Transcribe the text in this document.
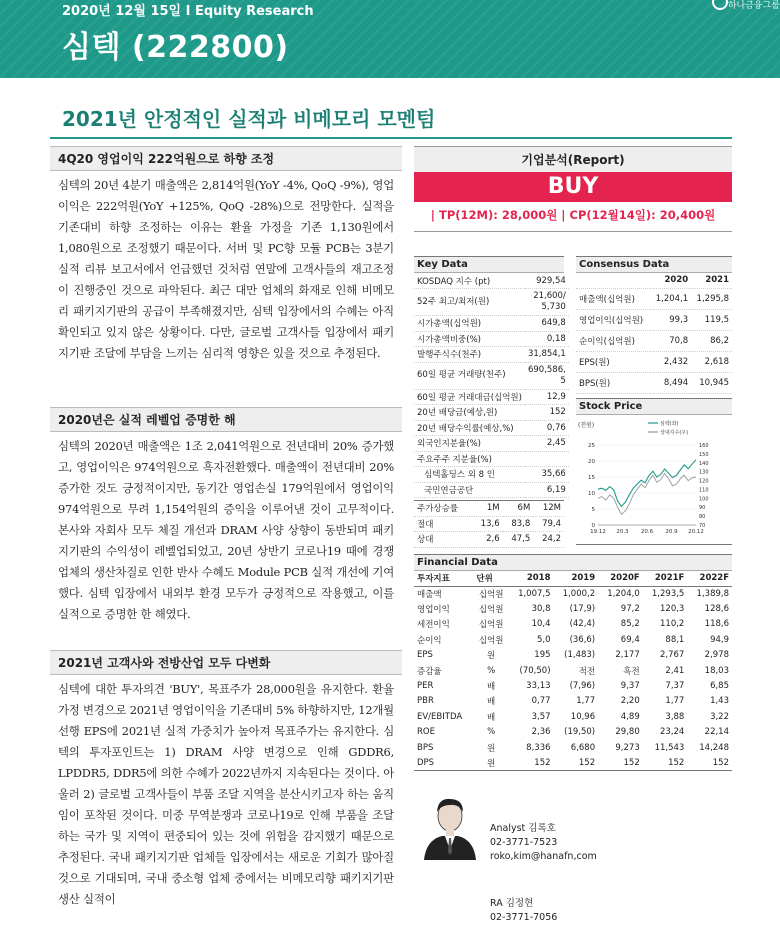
2020년 12월 15일 I Equity Research
심텍 (222800)
하나금융그룹
2021년 안정적인 실적과 비메모리 모멘텀
4Q20 영업이익 222억원으로 하향 조정
심텍의 20년 4분기 매출액은 2,814억원(YoY -4%, QoQ -9%), 영업이익은 222억원(YoY +125%, QoQ -28%)으로 전망한다. 실적을 기존대비 하향 조정하는 이유는 환율 가정을 기존 1,130원에서 1,080원으로 조정했기 때문이다. 서버 및 PC향 모듈 PCB는 3분기 실적 리뷰 보고서에서 언급했던 것처럼 연말에 고객사들의 재고조정이 진행중인 것으로 파악된다. 최근 대만 업체의 화재로 인해 비메모리 패키지기판의 공급이 부족해졌지만, 심텍 입장에서의 수혜는 아직 확인되고 있지 않은 상황이다. 다만, 글로벌 고객사들 입장에서 패키지기판 조달에 부담을 느끼는 심리적 영향은 있을 것으로 추정된다.
2020년은 실적 레벨업 증명한 해
심텍의 2020년 매출액은 1조 2,041억원으로 전년대비 20% 증가했고, 영업이익은 974억원으로 흑자전환했다. 매출액이 전년대비 20% 증가한 것도 긍정적이지만, 동기간 영업손실 179억원에서 영업이익 974억원으로 무려 1,154억원의 증익을 이루어낸 것이 고무적이다. 본사와 자회사 모두 체질 개선과 DRAM 사양 상향이 동반되며 패키지기판의 수익성이 레벨업되었고, 20년 상반기 코로나19 때에 경쟁업체의 생산차질로 인한 반사 수혜도 Module PCB 실적 개선에 기여했다. 심텍 입장에서 내외부 환경 모두가 긍정적으로 작용했고, 이를 실적으로 증명한 한 해였다.
2021년 고객사와 전방산업 모두 다변화
심텍에 대한 투자의견 'BUY', 목표주가 28,000원을 유지한다. 환율 가정 변경으로 2021년 영업이익을 기존대비 5% 하향하지만, 12개월 선행 EPS에 2021년 실적 가중치가 높아져 목표주가는 유지한다. 심텍의 투자포인트는 1) DRAM 사양 변경으로 인해 GDDR6, LPDDR5, DDR5에 의한 수혜가 2022년까지 지속된다는 것이다. 아울러 2) 글로벌 고객사들이 부품 조달 지역을 분산시키고자 하는 움직임이 포착된 것이다. 미중 무역분쟁과 코로나19로 인해 부품을 조달하는 국가 및 지역이 편중되어 있는 것에 위험을 감지했기 때문으로 추정된다. 국내 패키지기판 업체들 입장에서는 새로운 기회가 많아질 것으로 기대되며, 국내 중소형 업체 중에서는 비메모리향 패키지기판 생산 실적이
기업분석(Report)
BUY
| TP(12M): 28,000원 | CP(12월14일): 20,400원
Key Data
KOSDAQ 지수 (pt)	929,54
52주 최고/최저(원)	21,600/5,730
시가총액(십억원)	649,8
시가총액비중(%)	0,18
발행주식수(천주)	31,854,1
60일 평균 거래량(천주)	690,586,5
60일 평균 거래대금(십억원)	12,9
20년 배당금(예상,원)	152
20년 배당수익률(예상,%)	0,76
외국인지분율(%)	2,45
주요주주 지분율(%)	
심텍홀딩스 외 8 인	35,66
국민연금공단	6,19
주가상승률	1M	6M	12M
절대	13,6	83,8	79,4
상대	2,6	47,5	24,2
Consensus Data
	2020	2021
매출액(십억원)	1,204,1	1,295,8
영업이익(십억원)	99,3	119,5
순이익(십억원)	70,8	86,2
EPS(원)	2,432	2,618
BPS(원)	8,494	10,945
Stock Price
(천원)	심텍(좌)
상대지수(우)
0
5
10
15
20
25
70
80
90
100
110
120
130
140
150
160
19.12 20.3 20.6 20.9 20.12
Financial Data
투자지표	단위	2018	2019	2020F	2021F	2022F
매출액	십억원	1,007,5	1,000,2	1,204,0	1,293,5	1,389,8
영업이익	십억원	30,8	(17,9)	97,2	120,3	128,6
세전이익	십억원	10,4	(42,4)	85,2	110,2	118,6
순이익	십억원	5,0	(36,6)	69,4	88,1	94,9
EPS	원	195	(1,483)	2,177	2,767	2,978
증감율	%	(70,50)	적전	흑전	2,41	18,03
PER	배	33,13	(7,96)	9,37	7,37	6,85
PBR	배	0,77	1,77	2,20	1,77	1,43
EV/EBITDA	배	3,57	10,96	4,89	3,88	3,22
ROE	%	2,36	(19,50)	29,80	23,24	22,14
BPS	원	8,336	6,680	9,273	11,543	14,248
DPS	원	152	152	152	152	152
Analyst 김록호
02-3771-7523
roko,kim@hanafn,com
RA 김정현
02-3771-7056
